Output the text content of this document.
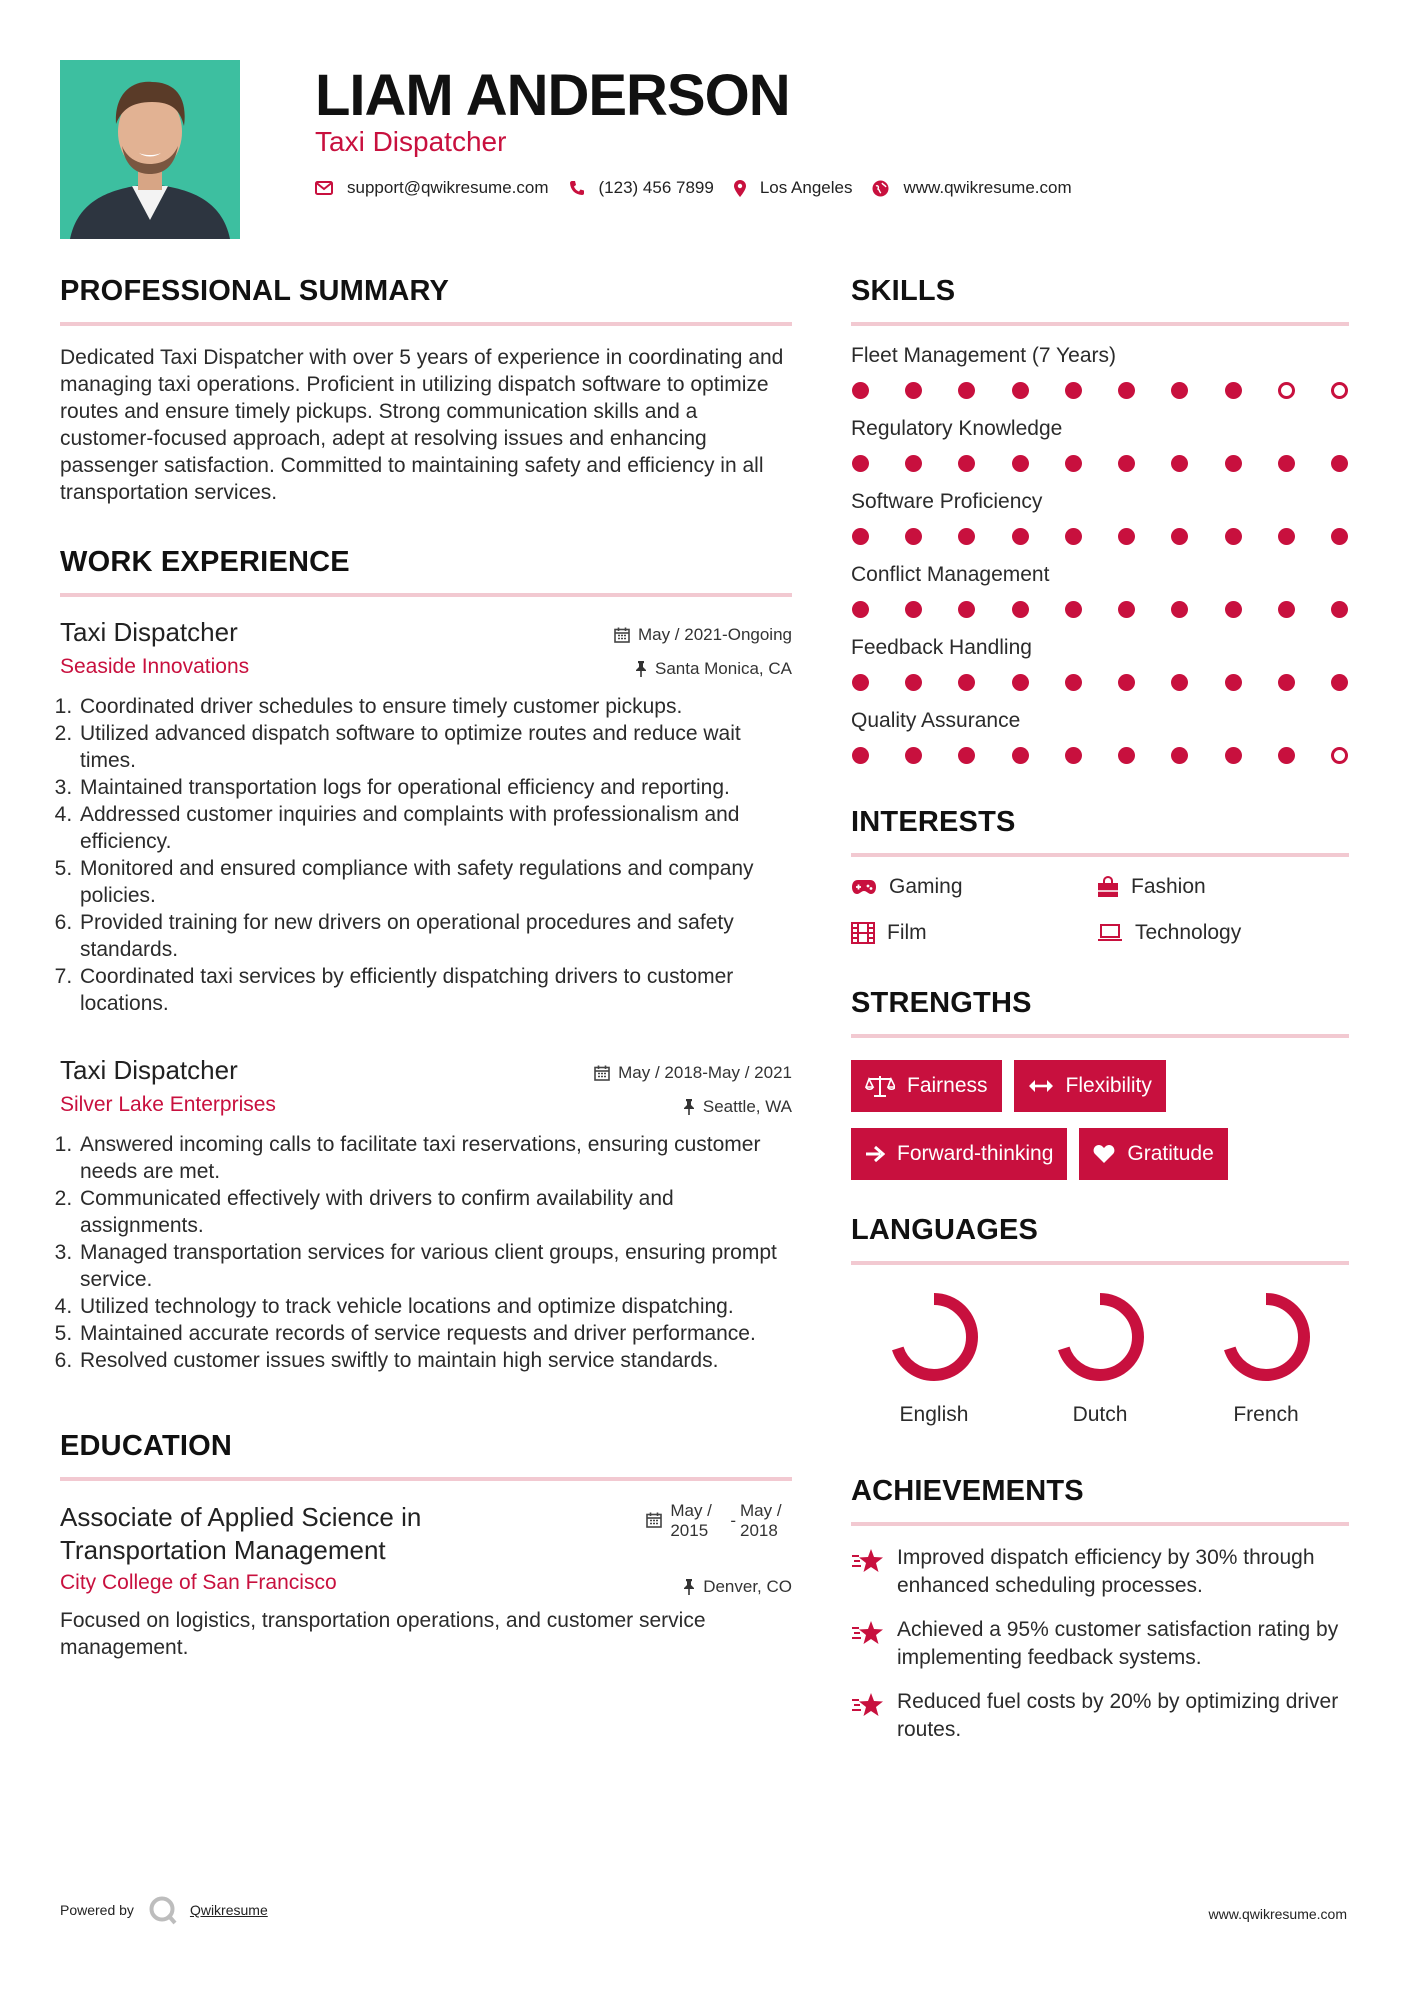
LIAM ANDERSON
Taxi Dispatcher
support@qwikresume.com	(123) 456 7899	Los Angeles	www.qwikresume.com
PROFESSIONAL SUMMARY

Dedicated Taxi Dispatcher with over 5 years of experience in coordinating and managing taxi operations. Proficient in utilizing dispatch software to optimize routes and ensure timely pickups. Strong communication skills and a customer-focused approach, adept at resolving issues and enhancing passenger satisfaction. Committed to maintaining safety and efficiency in all transportation services.

WORK EXPERIENCE
Taxi Dispatcher
Seaside Innovations
May / 2021-Ongoing
Santa Monica, CA
1. Coordinated driver schedules to ensure timely customer pickups.
2. Utilized advanced dispatch software to optimize routes and reduce wait times.
3. Maintained transportation logs for operational efficiency and reporting.
4. Addressed customer inquiries and complaints with professionalism and efficiency.
5. Monitored and ensured compliance with safety regulations and company policies.
6. Provided training for new drivers on operational procedures and safety standards.
7. Coordinated taxi services by efficiently dispatching drivers to customer locations.
Taxi Dispatcher
Silver Lake Enterprises
May / 2018-May / 2021
Seattle, WA
1. Answered incoming calls to facilitate taxi reservations, ensuring customer needs are met.
2. Communicated effectively with drivers to confirm availability and assignments.
3. Managed transportation services for various client groups, ensuring prompt service.
4. Utilized technology to track vehicle locations and optimize dispatching.
5. Maintained accurate records of service requests and driver performance.
6. Resolved customer issues swiftly to maintain high service standards.
EDUCATION
Associate of Applied Science in Transportation Management
City College of San Francisco
May / 2015
-
May / 2018
Denver, CO

Focused on logistics, transportation operations, and customer service management.

SKILLS
Fleet Management (7 Years)
Regulatory Knowledge
Software Proficiency
Conflict Management
Feedback Handling
Quality Assurance
INTERESTS
Gaming	Fashion
Film	Technology
STRENGTHS
Fairness	Flexibility
Forward-thinking	Gratitude
LANGUAGES
English	Dutch	French
ACHIEVEMENTS
Improved dispatch efficiency by 30% through enhanced scheduling processes.
Achieved a 95% customer satisfaction rating by implementing feedback systems.
Reduced fuel costs by 20% by optimizing driver routes.
Powered by	Qwikresume	www.qwikresume.com
